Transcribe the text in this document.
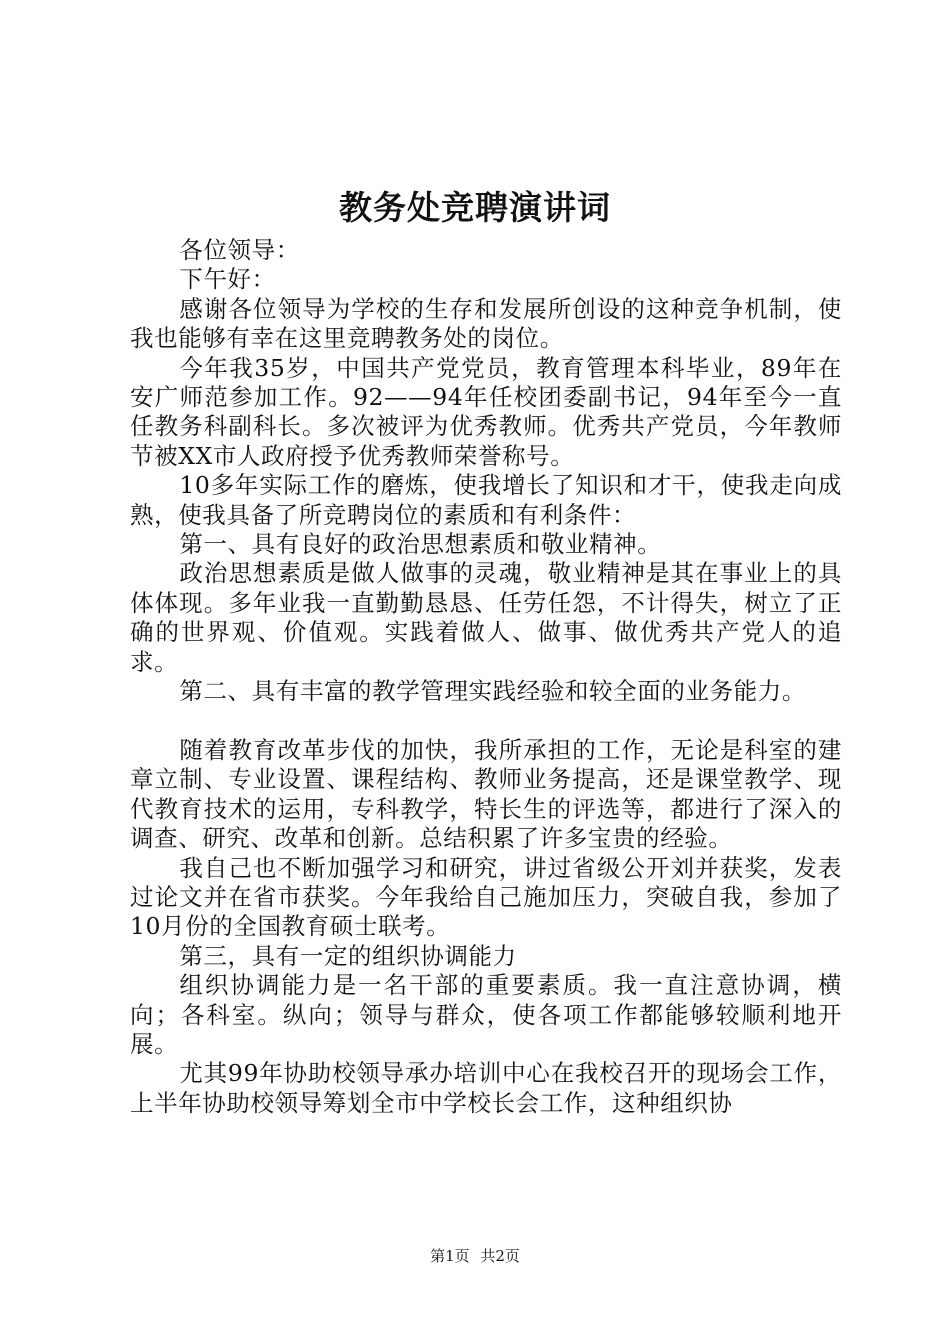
教务处竞聘演讲词

各位领导：

下午好：

感谢各位领导为学校的生存和发展所创设的这种竞争机制，使我也能够有幸在这里竞聘教务处的岗位。

今年我35岁，中国共产党党员，教育管理本科毕业，89年在安广师范参加工作。92——94年任校团委副书记，94年至今一直任教务科副科长。多次被评为优秀教师。优秀共产党员，今年教师节被XX市人政府授予优秀教师荣誉称号。

10多年实际工作的磨炼，使我增长了知识和才干，使我走向成熟，使我具备了所竞聘岗位的素质和有利条件：

第一、具有良好的政治思想素质和敬业精神。

政治思想素质是做人做事的灵魂，敬业精神是其在事业上的具体体现。多年业我一直勤勤恳恳、任劳任怨，不计得失，树立了正确的世界观、价值观。实践着做人、做事、做优秀共产党人的追求。

第二、具有丰富的教学管理实践经验和较全面的业务能力。

随着教育改革步伐的加快，我所承担的工作，无论是科室的建章立制、专业设置、课程结构、教师业务提高，还是课堂教学、现代教育技术的运用，专科教学，特长生的评选等，都进行了深入的调查、研究、改革和创新。总结积累了许多宝贵的经验。

我自己也不断加强学习和研究，讲过省级公开刘并获奖，发表过论文并在省市获奖。今年我给自己施加压力，突破自我，参加了10月份的全国教育硕士联考。

第三，具有一定的组织协调能力

组织协调能力是一名干部的重要素质。我一直注意协调，横向；各科室。纵向；领导与群众，使各项工作都能够较顺利地开展。

尤其99年协助校领导承办培训中心在我校召开的现场会工作，上半年协助校领导筹划全市中学校长会工作，这种组织协

第1页 共2页
